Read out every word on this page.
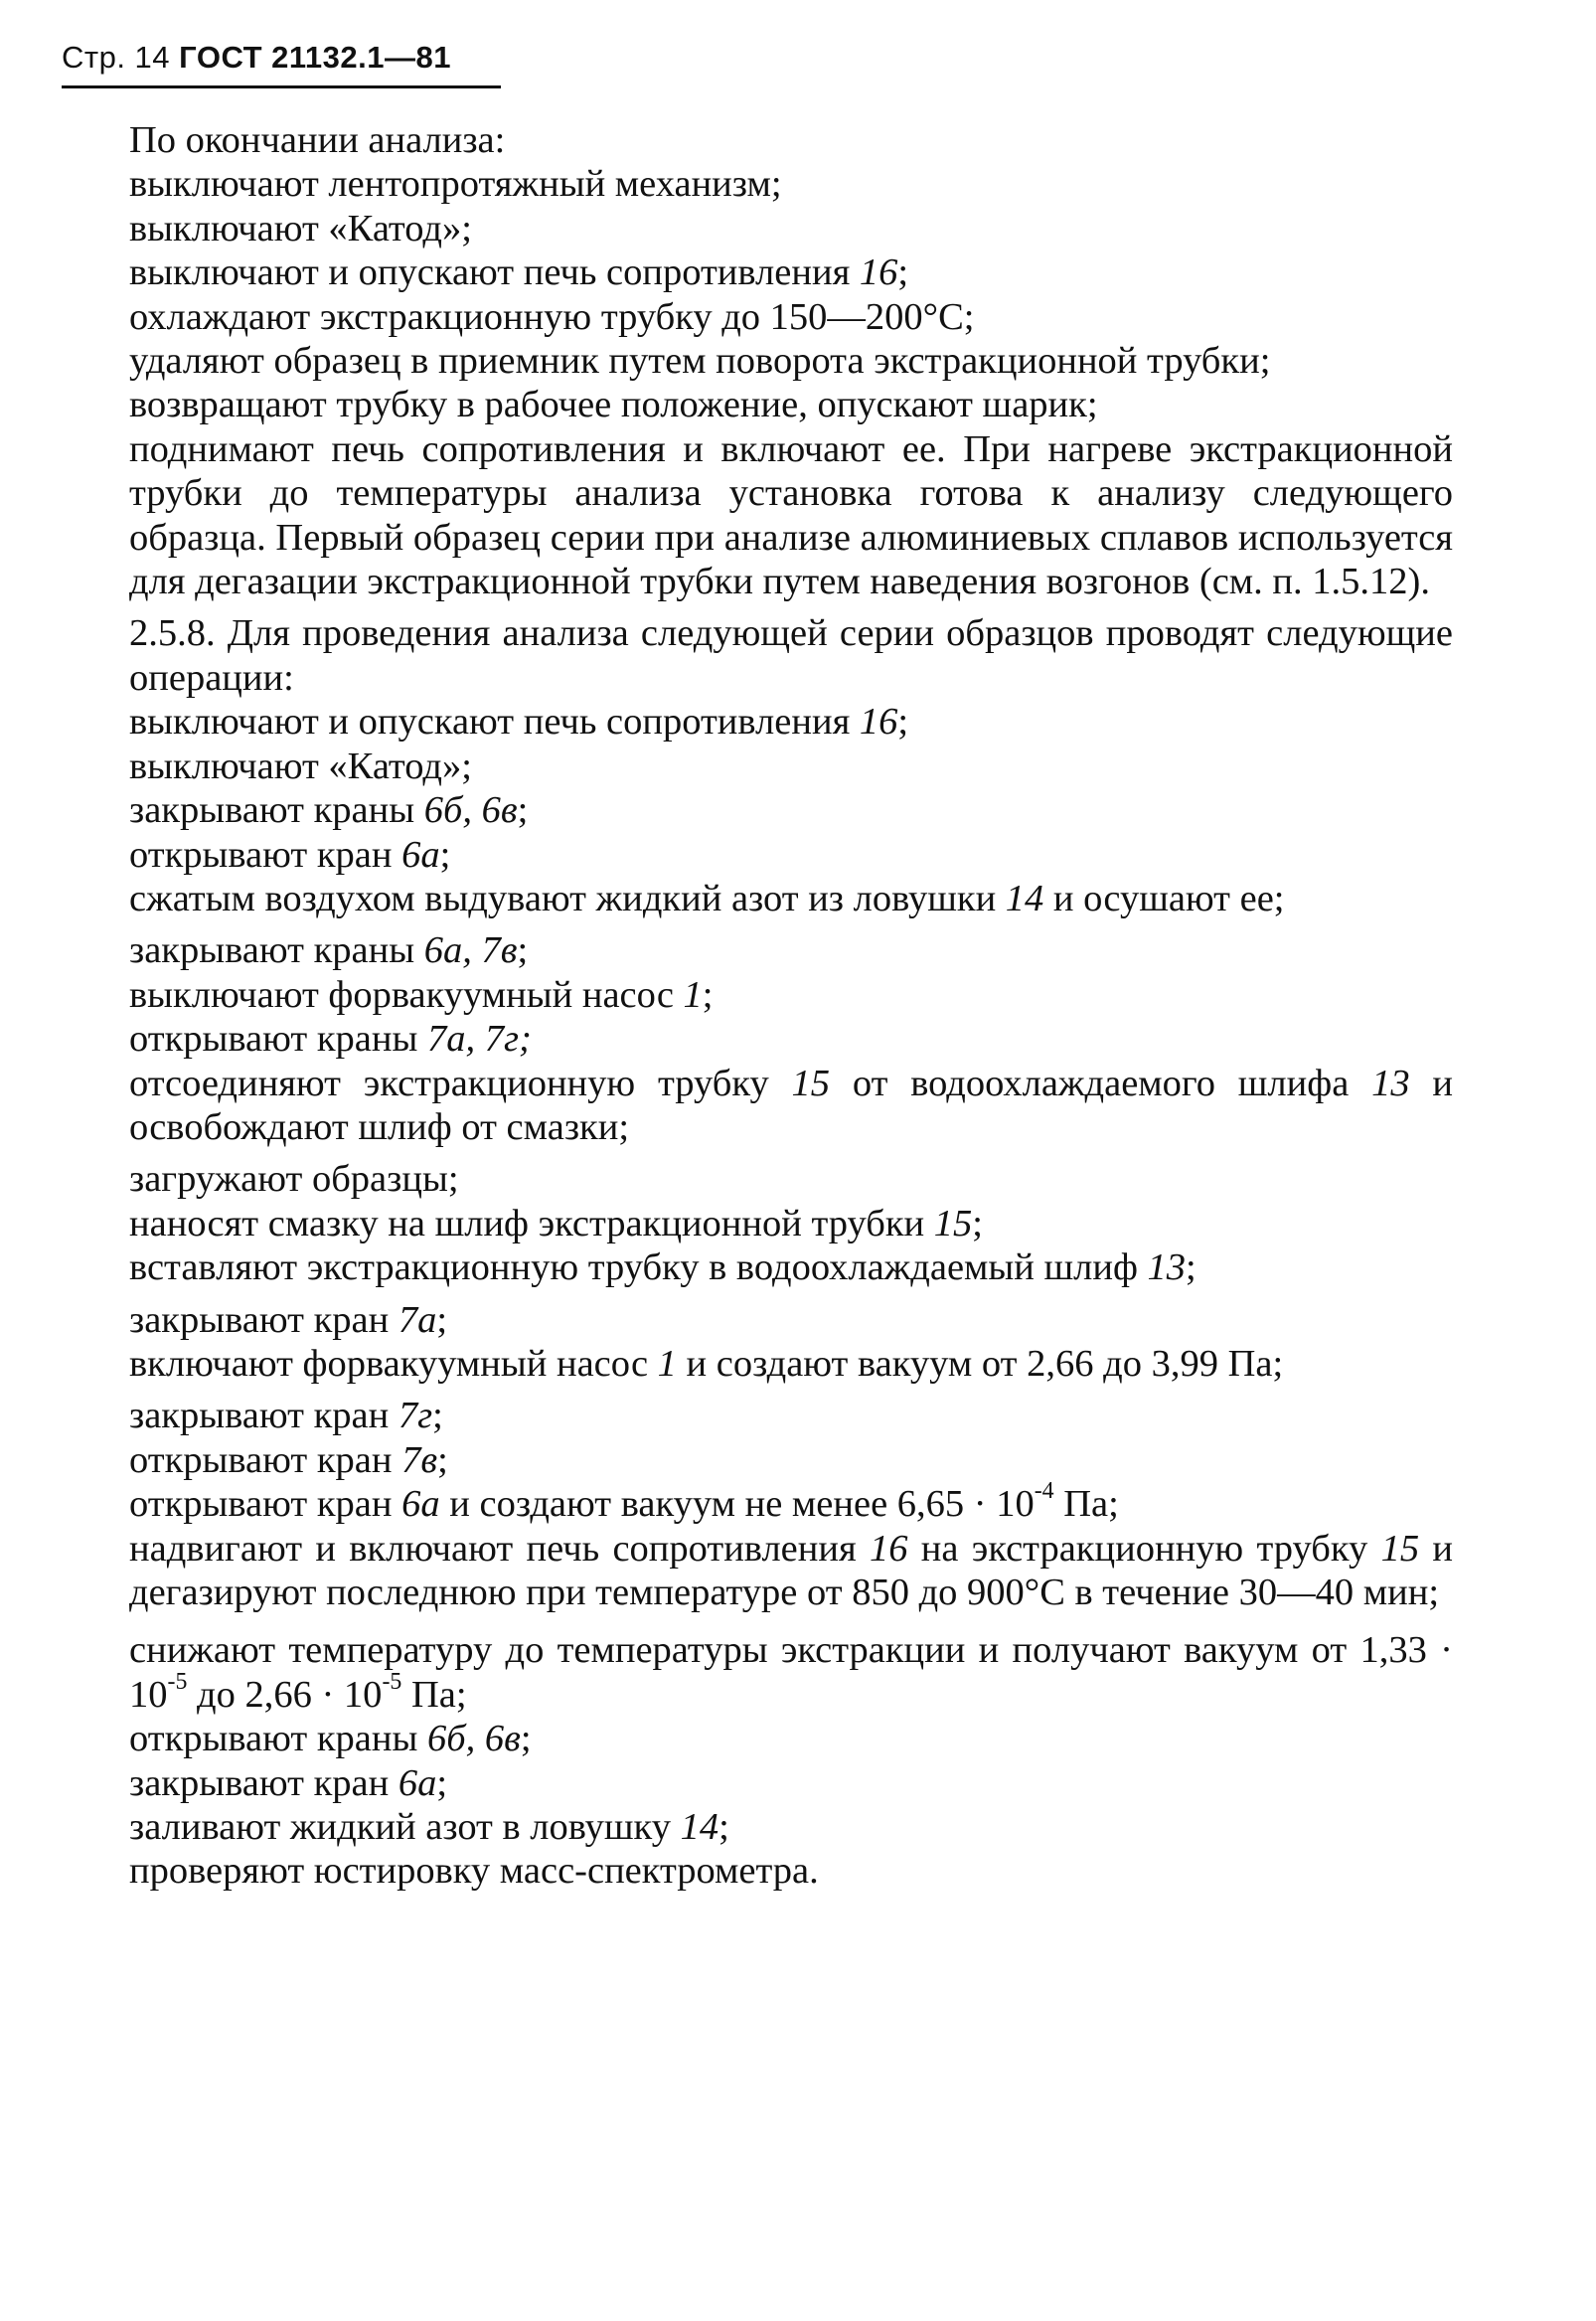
Стр. 14 ГОСТ 21132.1—81
По окончании анализа:
выключают лентопротяжный механизм;
выключают «Катод»;
выключают и опускают печь сопротивления 16;
охлаждают экстракционную трубку до 150—200°С;
удаляют образец в приемник путем поворота экстракционной трубки;
возвращают трубку в рабочее положение, опускают шарик;
поднимают печь сопротивления и включают ее. При нагреве экстракционной трубки до температуры анализа установка готова к анализу следующего образца. Первый образец серии при анализе алюминиевых сплавов используется для дегазации экстракционной трубки путем наведения возгонов (см. п. 1.5.12).
2.5.8. Для проведения анализа следующей серии образцов проводят следующие операции:
выключают и опускают печь сопротивления 16;
выключают «Катод»;
закрывают краны 6б, 6в;
открывают кран 6а;
сжатым воздухом выдувают жидкий азот из ловушки 14 и осушают ее;
закрывают краны 6а, 7в;
выключают форвакуумный насос 1;
открывают краны 7а, 7г;
отсоединяют экстракционную трубку 15 от водоохлаждаемого шлифа 13 и освобождают шлиф от смазки;
загружают образцы;
наносят смазку на шлиф экстракционной трубки 15;
вставляют экстракционную трубку в водоохлаждаемый шлиф 13;
закрывают кран 7а;
включают форвакуумный насос 1 и создают вакуум от 2,66 до 3,99 Па;
закрывают кран 7г;
открывают кран 7в;
открывают кран 6а и создают вакуум не менее $6,65 \cdot 10^{-4}$ Па;
надвигают и включают печь сопротивления 16 на экстракционную трубку 15 и дегазируют последнюю при температуре от 850 до 900°С в течение 30—40 мин;
снижают температуру до температуры экстракции и получают вакуум от $1,33 \cdot 10^{-5}$ до $2,66 \cdot 10^{-5}$ Па;
открывают краны 6б, 6в;
закрывают кран 6а;
заливают жидкий азот в ловушку 14;
проверяют юстировку масс-спектрометра.
